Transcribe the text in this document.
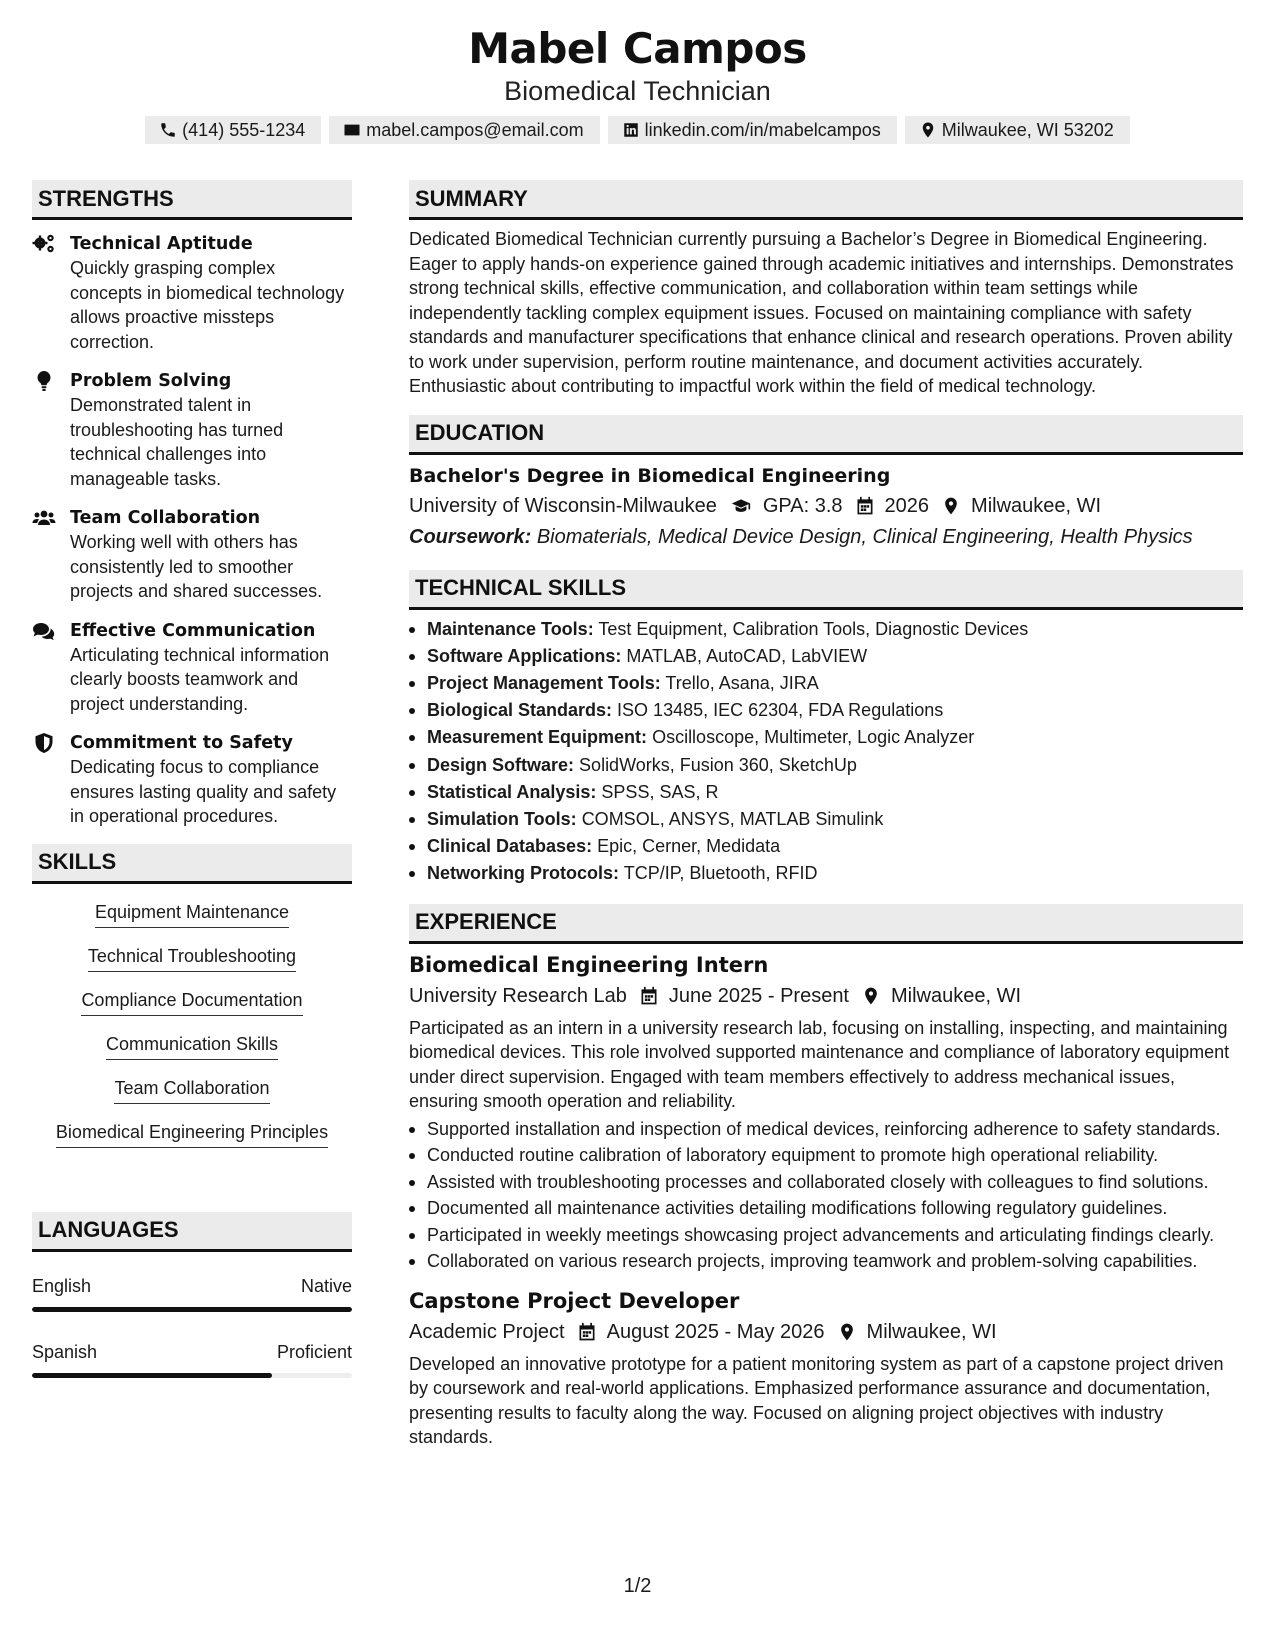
Mabel Campos
Biomedical Technician
(414) 555-1234	mabel.campos@email.com	linkedin.com/in/mabelcampos	Milwaukee, WI 53202
STRENGTHS
Technical Aptitude
Quickly grasping complex concepts in biomedical technology allows proactive missteps correction.
Problem Solving
Demonstrated talent in troubleshooting has turned technical challenges into manageable tasks.
Team Collaboration
Working well with others has consistently led to smoother projects and shared successes.
Effective Communication
Articulating technical information clearly boosts teamwork and project understanding.
Commitment to Safety
Dedicating focus to compliance ensures lasting quality and safety in operational procedures.
SKILLS
Equipment Maintenance
Technical Troubleshooting
Compliance Documentation
Communication Skills
Team Collaboration
Biomedical Engineering Principles
LANGUAGES
English	Native
Spanish	Proficient
SUMMARY
Dedicated Biomedical Technician currently pursuing a Bachelor’s Degree in Biomedical Engineering. Eager to apply hands-on experience gained through academic initiatives and internships. Demonstrates strong technical skills, effective communication, and collaboration within team settings while independently tackling complex equipment issues. Focused on maintaining compliance with safety standards and manufacturer specifications that enhance clinical and research operations. Proven ability to work under supervision, perform routine maintenance, and document activities accurately. Enthusiastic about contributing to impactful work within the field of medical technology.
EDUCATION
Bachelor's Degree in Biomedical Engineering
University of Wisconsin-Milwaukee GPA: 3.8 2026 Milwaukee, WI
Coursework: Biomaterials, Medical Device Design, Clinical Engineering, Health Physics
TECHNICAL SKILLS
Maintenance Tools: Test Equipment, Calibration Tools, Diagnostic Devices
Software Applications: MATLAB, AutoCAD, LabVIEW
Project Management Tools: Trello, Asana, JIRA
Biological Standards: ISO 13485, IEC 62304, FDA Regulations
Measurement Equipment: Oscilloscope, Multimeter, Logic Analyzer
Design Software: SolidWorks, Fusion 360, SketchUp
Statistical Analysis: SPSS, SAS, R
Simulation Tools: COMSOL, ANSYS, MATLAB Simulink
Clinical Databases: Epic, Cerner, Medidata
Networking Protocols: TCP/IP, Bluetooth, RFID
EXPERIENCE
Biomedical Engineering Intern
University Research Lab June 2025 - Present Milwaukee, WI
Participated as an intern in a university research lab, focusing on installing, inspecting, and maintaining biomedical devices. This role involved supported maintenance and compliance of laboratory equipment under direct supervision. Engaged with team members effectively to address mechanical issues, ensuring smooth operation and reliability.
Supported installation and inspection of medical devices, reinforcing adherence to safety standards.
Conducted routine calibration of laboratory equipment to promote high operational reliability.
Assisted with troubleshooting processes and collaborated closely with colleagues to find solutions.
Documented all maintenance activities detailing modifications following regulatory guidelines.
Participated in weekly meetings showcasing project advancements and articulating findings clearly.
Collaborated on various research projects, improving teamwork and problem-solving capabilities.
Capstone Project Developer
Academic Project August 2025 - May 2026 Milwaukee, WI
Developed an innovative prototype for a patient monitoring system as part of a capstone project driven by coursework and real-world applications. Emphasized performance assurance and documentation, presenting results to faculty along the way. Focused on aligning project objectives with industry standards.
1/2
